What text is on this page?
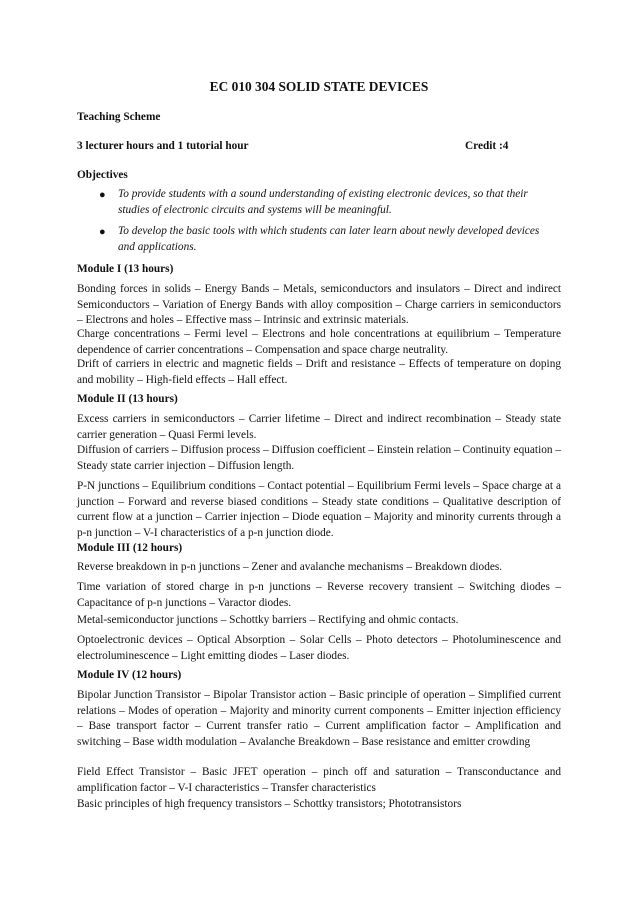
EC 010 304 SOLID STATE DEVICES
Teaching Scheme
3 lecturer hours and 1 tutorial hour	Credit :4
Objectives
● To provide students with a sound understanding of existing electronic devices, so that their studies of electronic circuits and systems will be meaningful.

● To develop the basic tools with which students can later learn about newly developed devices and applications.

Module I (13 hours)

Bonding forces in solids – Energy Bands – Metals, semiconductors and insulators – Direct and indirect Semiconductors – Variation of Energy Bands with alloy composition – Charge carriers in semiconductors – Electrons and holes – Effective mass – Intrinsic and extrinsic materials.

Charge concentrations – Fermi level – Electrons and hole concentrations at equilibrium – Temperature dependence of carrier concentrations – Compensation and space charge neutrality.

Drift of carriers in electric and magnetic fields – Drift and resistance – Effects of temperature on doping and mobility – High-field effects – Hall effect.

Module II (13 hours)

Excess carriers in semiconductors – Carrier lifetime – Direct and indirect recombination – Steady state carrier generation – Quasi Fermi levels.

Diffusion of carriers – Diffusion process – Diffusion coefficient – Einstein relation – Continuity equation – Steady state carrier injection – Diffusion length.

P-N junctions – Equilibrium conditions – Contact potential – Equilibrium Fermi levels – Space charge at a junction – Forward and reverse biased conditions – Steady state conditions – Qualitative description of current flow at a junction – Carrier injection – Diode equation – Majority and minority currents through a p-n junction – V-I characteristics of a p-n junction diode.

Module III (12 hours)

Reverse breakdown in p-n junctions – Zener and avalanche mechanisms – Breakdown diodes.

Time variation of stored charge in p-n junctions – Reverse recovery transient – Switching diodes – Capacitance of p-n junctions – Varactor diodes.

Metal-semiconductor junctions – Schottky barriers – Rectifying and ohmic contacts.

Optoelectronic devices – Optical Absorption – Solar Cells – Photo detectors – Photoluminescence and electroluminescence – Light emitting diodes – Laser diodes.

Module IV (12 hours)

Bipolar Junction Transistor – Bipolar Transistor action – Basic principle of operation – Simplified current relations – Modes of operation – Majority and minority current components – Emitter injection efficiency – Base transport factor – Current transfer ratio – Current amplification factor – Amplification and switching – Base width modulation – Avalanche Breakdown – Base resistance and emitter crowding

Field Effect Transistor – Basic JFET operation – pinch off and saturation – Transconductance and amplification factor – V-I characteristics – Transfer characteristics

Basic principles of high frequency transistors – Schottky transistors; Phototransistors
